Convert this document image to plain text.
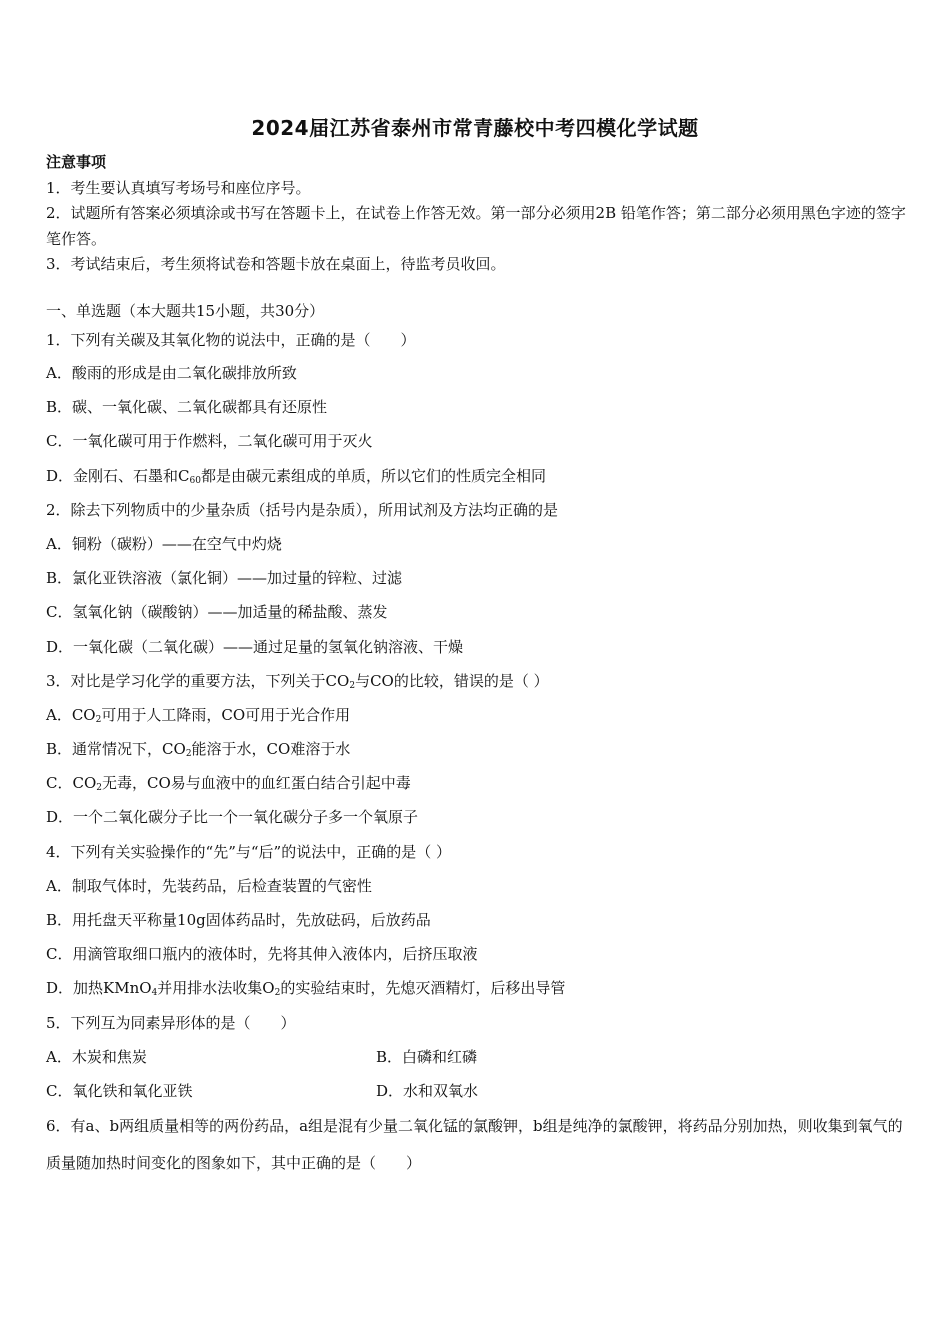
2024届江苏省泰州市常青藤校中考四模化学试题
注意事项
1．考生要认真填写考场号和座位序号。
2．试题所有答案必须填涂或书写在答题卡上，在试卷上作答无效。第一部分必须用2B 铅笔作答；第二部分必须用黑色字迹的签字笔作答。
3．考试结束后，考生须将试卷和答题卡放在桌面上，待监考员收回。
一、单选题（本大题共15小题，共30分）
1．下列有关碳及其氧化物的说法中，正确的是（　　）
A．酸雨的形成是由二氧化碳排放所致
B．碳、一氧化碳、二氧化碳都具有还原性
C．一氧化碳可用于作燃料，二氧化碳可用于灭火
D．金刚石、石墨和$C_{60}$都是由碳元素组成的单质，所以它们的性质完全相同
2．除去下列物质中的少量杂质（括号内是杂质），所用试剂及方法均正确的是
A．铜粉（碳粉）——在空气中灼烧
B．氯化亚铁溶液（氯化铜）——加过量的锌粒、过滤
C．氢氧化钠（碳酸钠）——加适量的稀盐酸、蒸发
D．一氧化碳（二氧化碳）——通过足量的氢氧化钠溶液、干燥
3．对比是学习化学的重要方法，下列关于$CO_2$与CO的比较，错误的是（ ）
A．$CO_2$可用于人工降雨，CO可用于光合作用
B．通常情况下，$CO_2$能溶于水，CO难溶于水
C．$CO_2$无毒，CO易与血液中的血红蛋白结合引起中毒
D．一个二氧化碳分子比一个一氧化碳分子多一个氧原子
4．下列有关实验操作的“先”与“后”的说法中，正确的是（ ）
A．制取气体时，先装药品，后检查装置的气密性
B．用托盘天平称量10g固体药品时，先放砝码，后放药品
C．用滴管取细口瓶内的液体时，先将其伸入液体内，后挤压取液
D．加热KMnO$_4$并用排水法收集$O_2$的实验结束时，先熄灭酒精灯，后移出导管
5．下列互为同素异形体的是（　　）
A．木炭和焦炭	B．白磷和红磷
C．氧化铁和氧化亚铁	D．水和双氧水
6．有a、b两组质量相等的两份药品，a组是混有少量二氧化锰的氯酸钾，b组是纯净的氯酸钾，将药品分别加热，则收集到氧气的质量随加热时间变化的图象如下，其中正确的是（　　）
